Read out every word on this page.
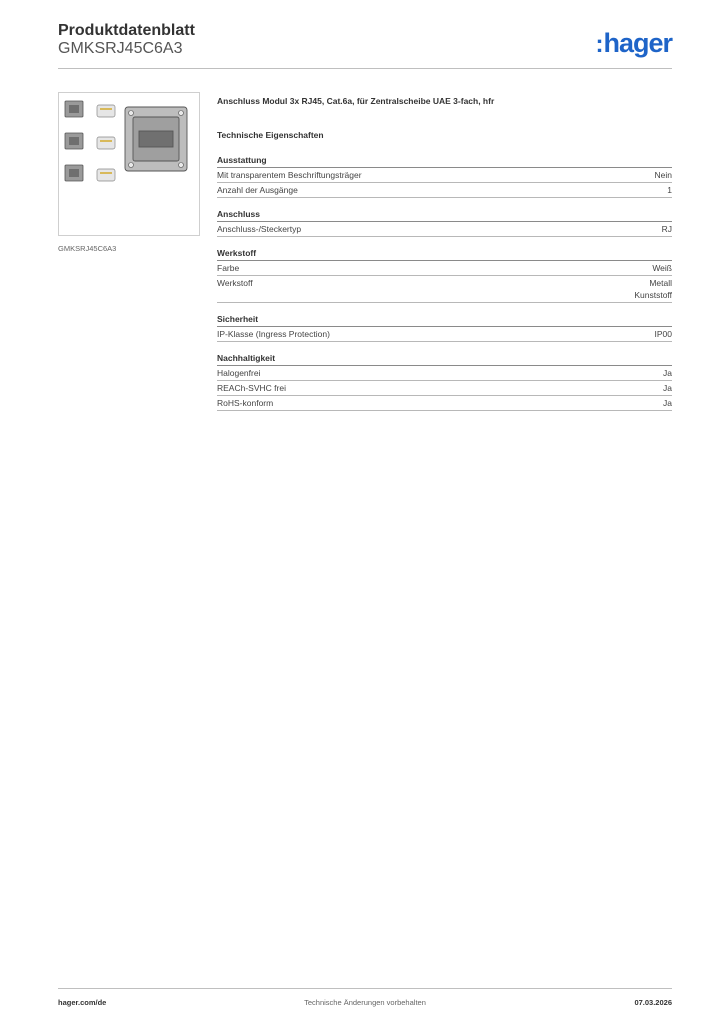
Produktdatenblatt
GMKSRJ45C6A3	:hager
GMKSRJ45C6A3
Anschluss Modul 3x RJ45, Cat.6a, für Zentralscheibe UAE 3-fach, hfr
Technische Eigenschaften
Ausstattung
Mit transparentem Beschriftungsträger	Nein
Anzahl der Ausgänge	1
Anschluss
Anschluss-/Steckertyp	RJ
Werkstoff
Farbe	Weiß
Werkstoff	Metall
Kunststoff
Sicherheit
IP-Klasse (Ingress Protection)	IP00
Nachhaltigkeit
Halogenfrei	Ja
REACh-SVHC frei	Ja
RoHS-konform	Ja
Technische Änderungen vorbehalten
hager.com/de	07.03.2026
